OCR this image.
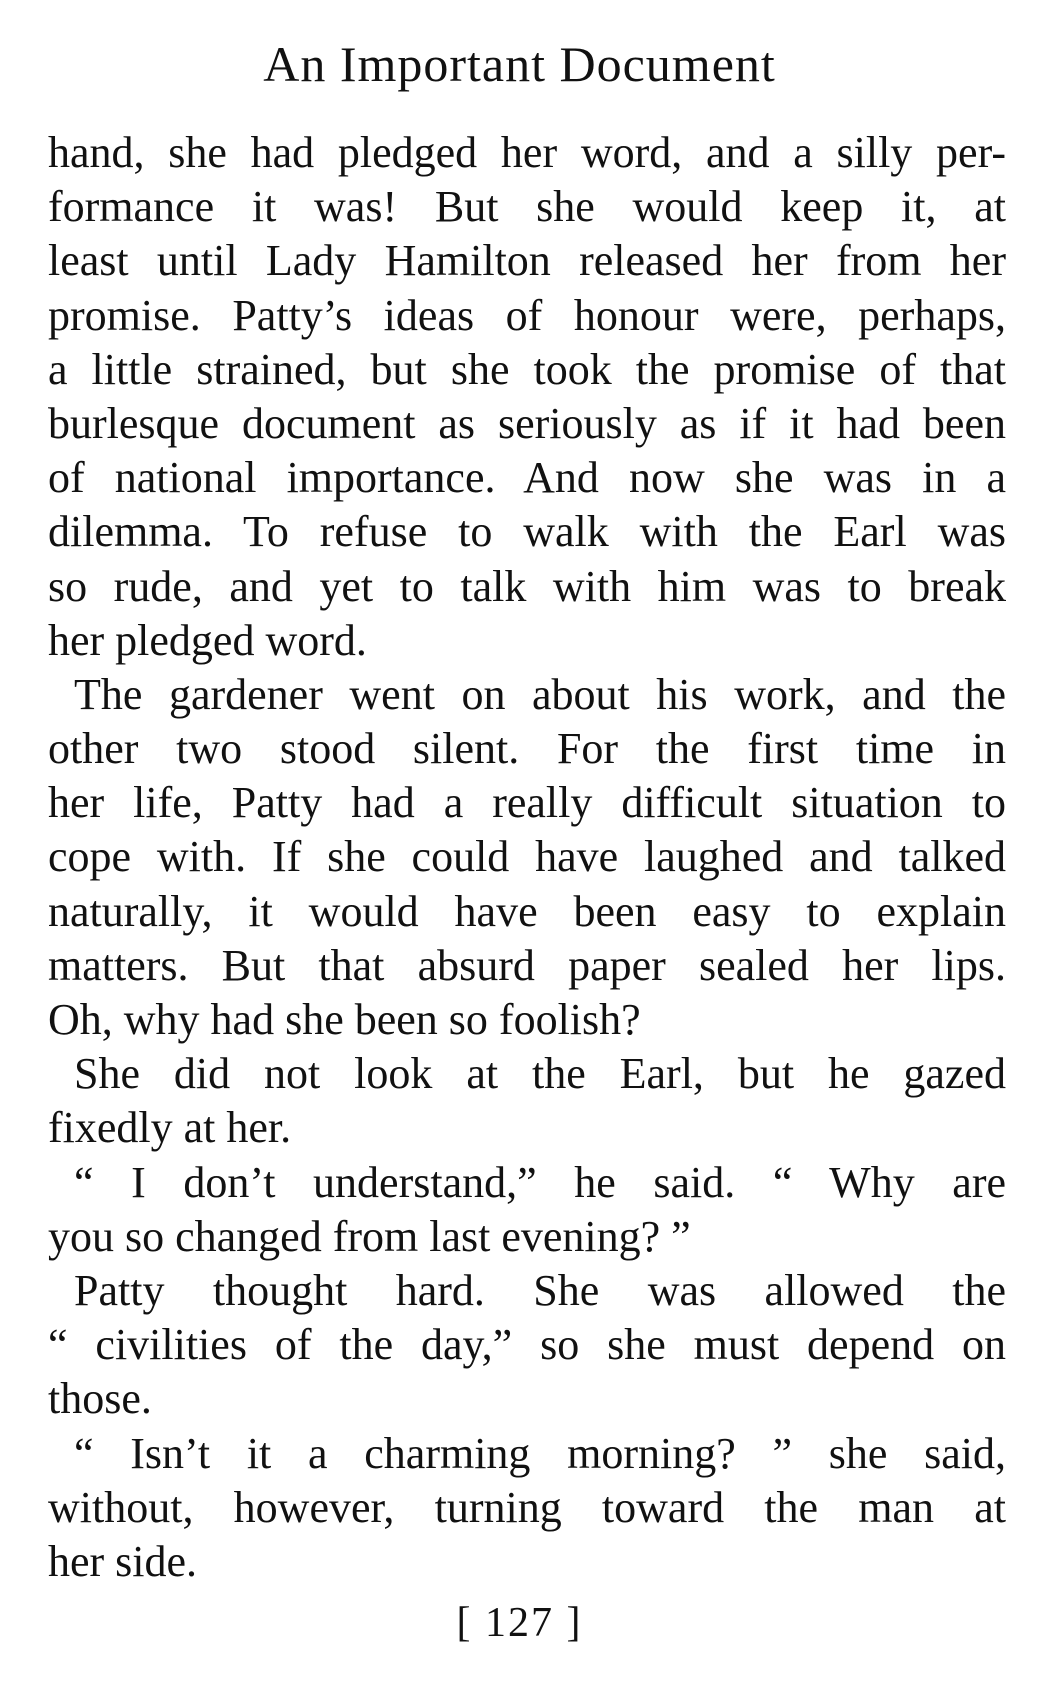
An Important Document

hand, she had pledged her word, and a silly per-
formance it was! But she would keep it, at
least until Lady Hamilton released her from her
promise. Patty’s ideas of honour were, perhaps,
a little strained, but she took the promise of that
burlesque document as seriously as if it had been
of national importance. And now she was in a
dilemma. To refuse to walk with the Earl was
so rude, and yet to talk with him was to break
her pledged word.

The gardener went on about his work, and the
other two stood silent. For the first time in
her life, Patty had a really difficult situation to
cope with. If she could have laughed and talked
naturally, it would have been easy to explain
matters. But that absurd paper sealed her lips.
Oh, why had she been so foolish?

She did not look at the Earl, but he gazed
fixedly at her.

“ I don’t understand,” he said. “ Why are
you so changed from last evening? ”

Patty thought hard. She was allowed the
“ civilities of the day,” so she must depend on
those.

“ Isn’t it a charming morning? ” she said,
without, however, turning toward the man at
her side.

[ 127 ]
